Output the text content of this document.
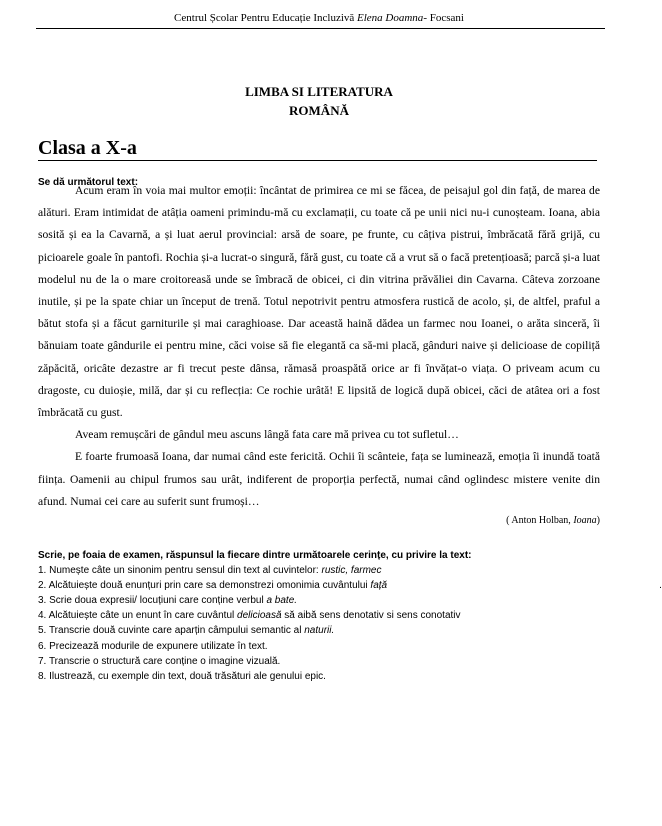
Centrul Școlar Pentru Educație Incluzivă Elena Doamna- Focsani
LIMBA SI LITERATURA
ROMÂNĂ
Clasa a X-a
Se dă următorul text:

Acum eram în voia mai multor emoții: încântat de primirea ce mi se făcea, de peisajul gol din față, de marea de alături. Eram intimidat de atâția oameni primindu-mă cu exclamații, cu toate că pe unii nici nu-i cunoșteam. Ioana, abia sosită și ea la Cavarnă, a și luat aerul provincial: arsă de soare, pe frunte, cu câțiva pistrui, îmbrăcată fără grijă, cu picioarele goale în pantofi. Rochia și-a lucrat-o singură, fără gust, cu toate că a vrut să o facă pretențioasă; parcă și-a luat modelul nu de la o mare croitoreasă unde se îmbracă de obicei, ci din vitrina prăvăliei din Cavarna. Câteva zorzoane inutile, și pe la spate chiar un început de trenă. Totul nepotrivit pentru atmosfera rustică de acolo, și, de altfel, praful a bătut stofa și a făcut garniturile și mai caraghioase. Dar această haină dădea un farmec nou Ioanei, o arăta sinceră, îi bănuiam toate gândurile ei pentru mine, căci voise să fie elegantă ca să-mi placă, gânduri naive și delicioase de copiliță zăpăcită, oricâte dezastre ar fi trecut peste dânsa, rămasă proaspătă orice ar fi învățat-o viața. O priveam acum cu dragoste, cu duioșie, milă, dar și cu reflecția: Ce rochie urâtă! E lipsită de logică după obicei, căci de atâtea ori a fost îmbrăcată cu gust.

Aveam remușcări de gândul meu ascuns lângă fata care mă privea cu tot sufletul…

E foarte frumoasă Ioana, dar numai când este fericită. Ochii îi scânteie, fața se luminează, emoția îi inundă toată ființa. Oamenii au chipul frumos sau urât, indiferent de proporția perfectă, numai când oglindesc mistere venite din afund. Numai cei care au suferit sunt frumoși…

( Anton Holban, Ioana)
Scrie, pe foaia de examen, răspunsul la fiecare dintre următoarele cerințe, cu privire la text:
1. Numește câte un sinonim pentru sensul din text al cuvintelor: rustic, farmec
2. Alcătuiește două enunțuri prin care sa demonstrezi omonimia cuvântului față	.
3. Scrie doua expresii/ locuțiuni care conține verbul a bate.
4. Alcătuiește câte un enunt în care cuvântul delicioasă să aibă sens denotativ si sens conotativ
5. Transcrie două cuvinte care aparțin câmpului semantic al naturii.
6. Precizează modurile de expunere utilizate în text.
7. Transcrie o structură care conține o imagine vizuală.
8. Ilustrează, cu exemple din text, două trăsături ale genului epic.
